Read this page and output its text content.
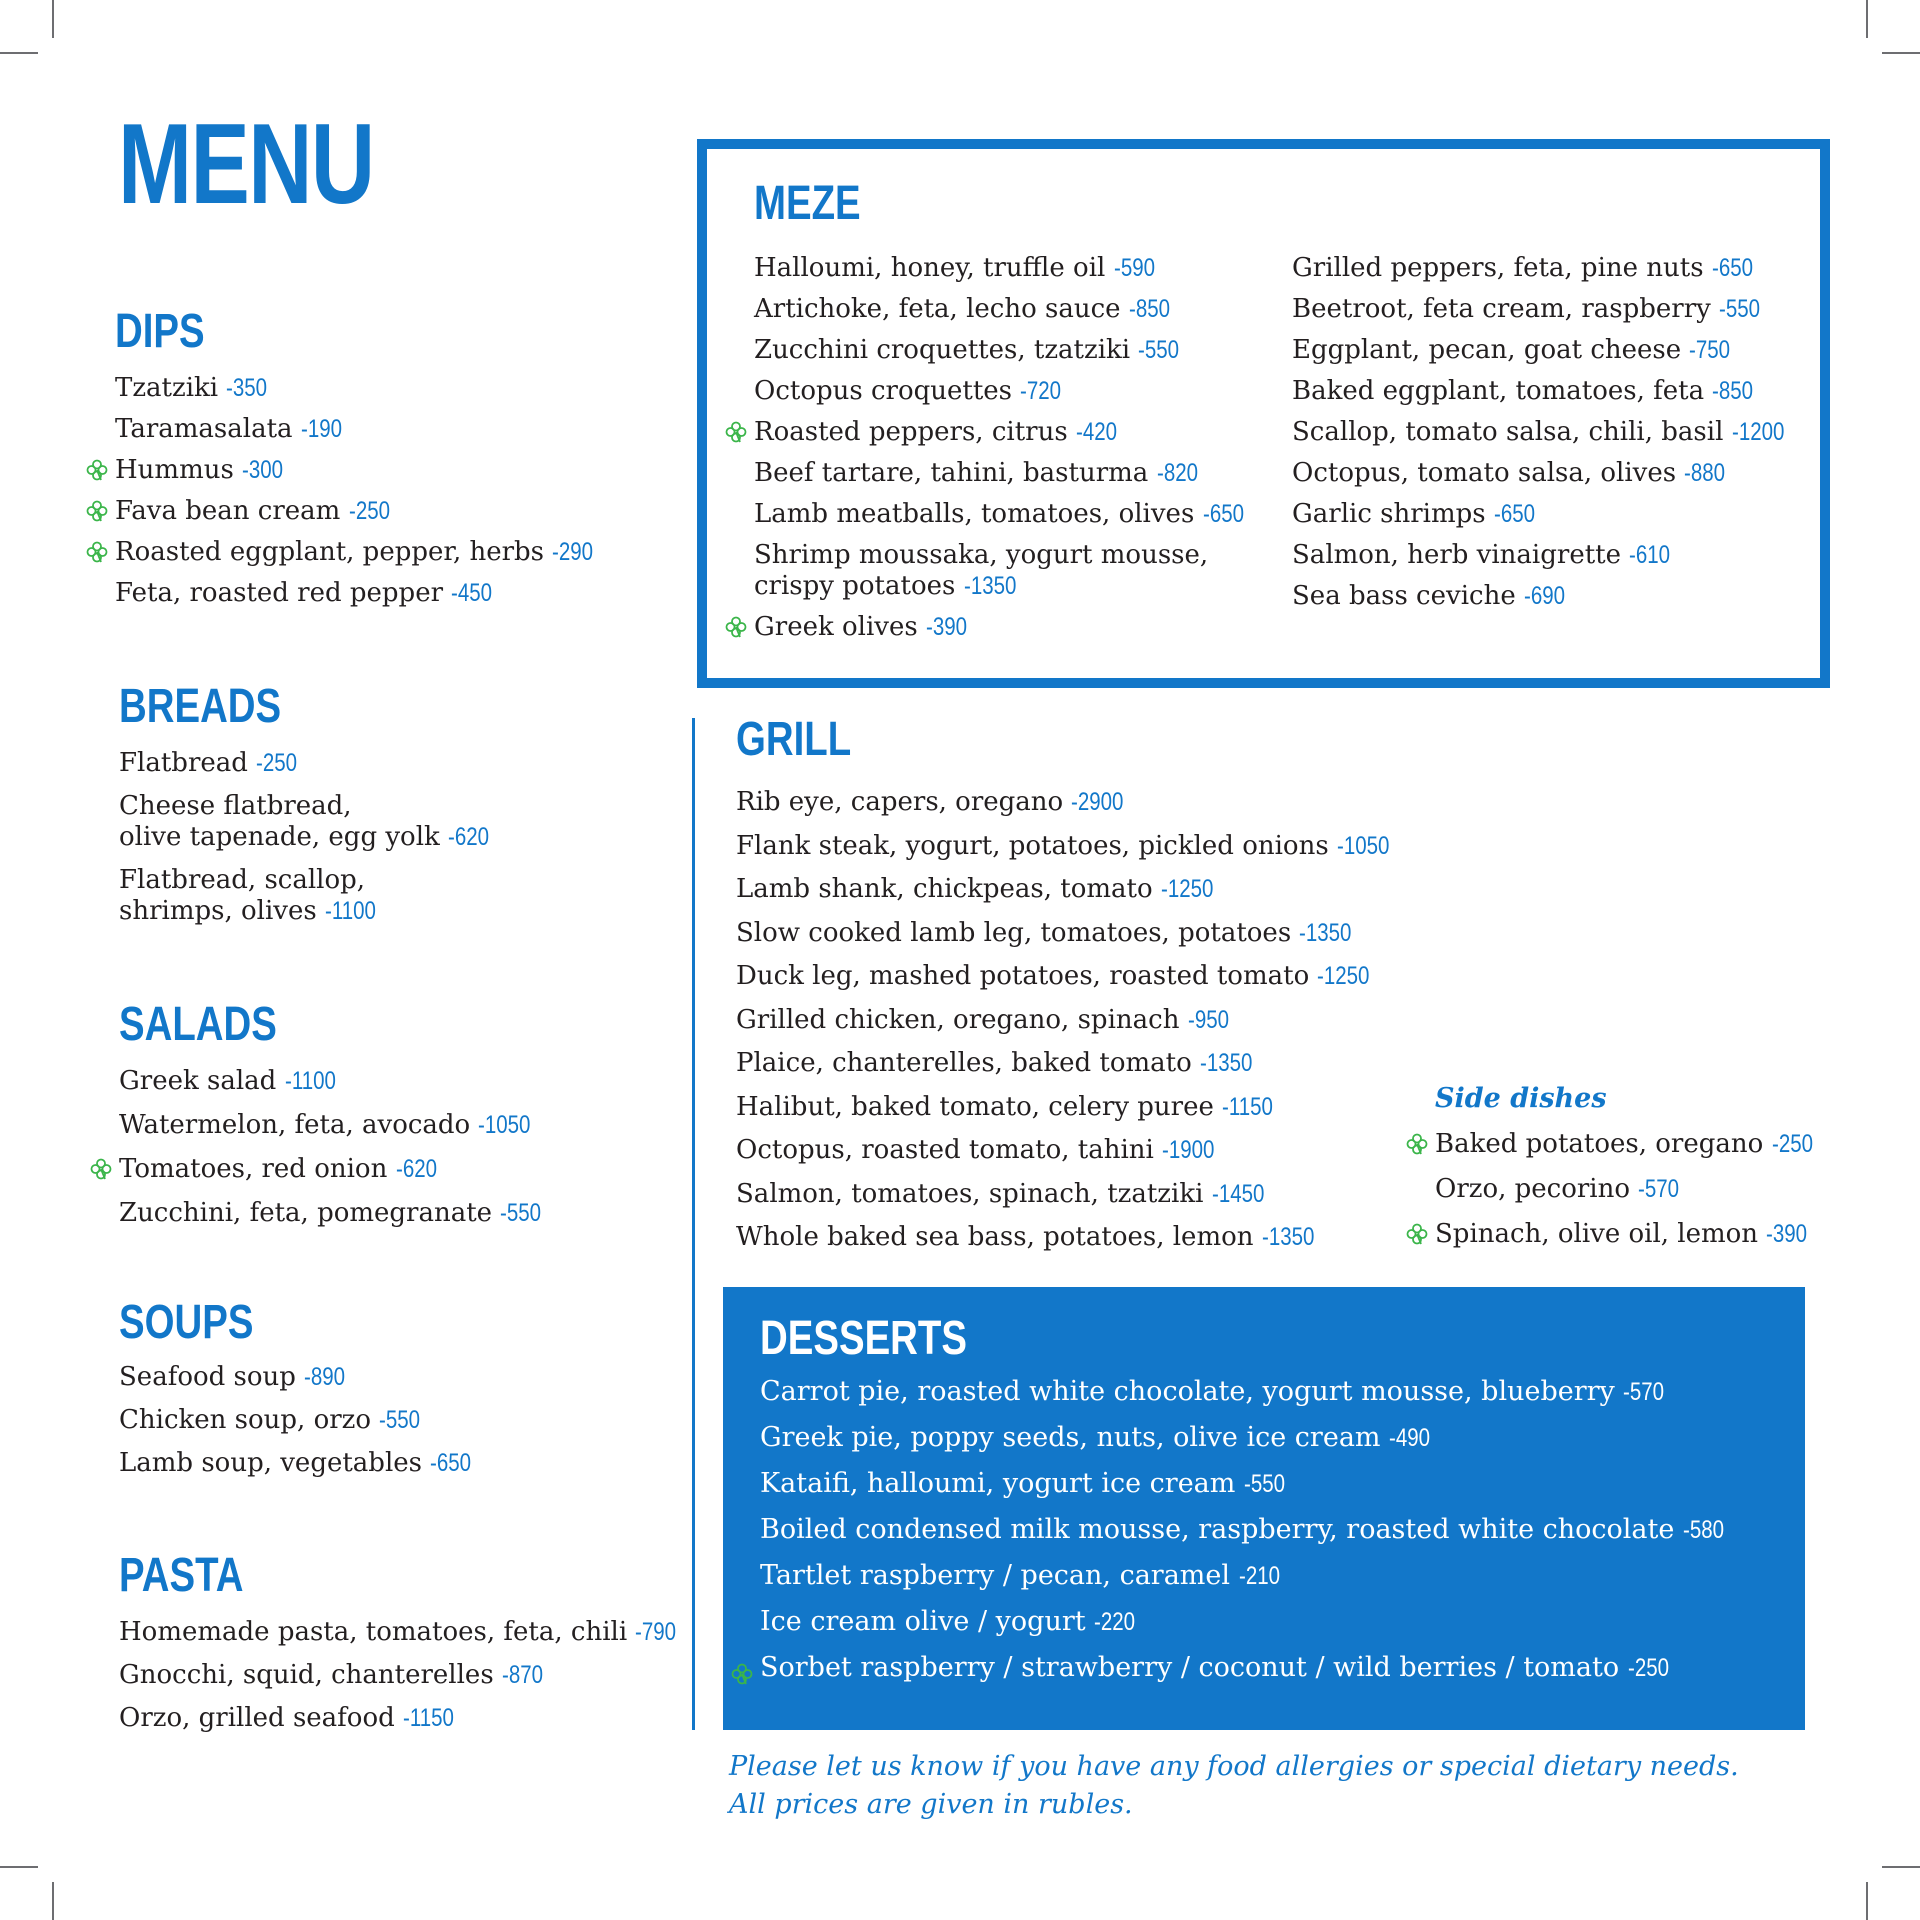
MENU
DIPS
Tzatziki -350
Taramasalata -190
Hummus -300
Fava bean cream -250
Roasted eggplant, pepper, herbs -290
Feta, roasted red pepper -450
BREADS
Flatbread -250
Cheese flatbread,
olive tapenade, egg yolk -620
Flatbread, scallop,
shrimps, olives -1100
SALADS
Greek salad -1100
Watermelon, feta, avocado -1050
Tomatoes, red onion -620
Zucchini, feta, pomegranate -550
SOUPS
Seafood soup -890
Chicken soup, orzo -550
Lamb soup, vegetables -650
PASTA
Homemade pasta, tomatoes, feta, chili -790
Gnocchi, squid, chanterelles -870
Orzo, grilled seafood -1150
MEZE
Halloumi, honey, truffle oil -590
Artichoke, feta, lecho sauce -850
Zucchini croquettes, tzatziki -550
Octopus croquettes -720
Roasted peppers, citrus -420
Beef tartare, tahini, basturma -820
Lamb meatballs, tomatoes, olives -650
Shrimp moussaka, yogurt mousse,
crispy potatoes -1350
Greek olives -390
Grilled peppers, feta, pine nuts -650
Beetroot, feta cream, raspberry -550
Eggplant, pecan, goat cheese -750
Baked eggplant, tomatoes, feta -850
Scallop, tomato salsa, chili, basil -1200
Octopus, tomato salsa, olives -880
Garlic shrimps -650
Salmon, herb vinaigrette -610
Sea bass ceviche -690
GRILL
Rib eye, capers, oregano -2900
Flank steak, yogurt, potatoes, pickled onions -1050
Lamb shank, chickpeas, tomato -1250
Slow cooked lamb leg, tomatoes, potatoes -1350
Duck leg, mashed potatoes, roasted tomato -1250
Grilled chicken, oregano, spinach -950
Plaice, chanterelles, baked tomato -1350
Halibut, baked tomato, celery puree -1150
Octopus, roasted tomato, tahini -1900
Salmon, tomatoes, spinach, tzatziki -1450
Whole baked sea bass, potatoes, lemon -1350
Side dishes
Baked potatoes, oregano -250
Orzo, pecorino -570
Spinach, olive oil, lemon -390
DESSERTS
Carrot pie, roasted white chocolate, yogurt mousse, blueberry -570
Greek pie, poppy seeds, nuts, olive ice cream -490
Kataifi, halloumi, yogurt ice cream -550
Boiled condensed milk mousse, raspberry, roasted white chocolate -580
Tartlet raspberry / pecan, caramel -210
Ice cream olive / yogurt -220
Sorbet raspberry / strawberry / coconut / wild berries / tomato -250
Please let us know if you have any food allergies or special dietary needs.
All prices are given in rubles.
